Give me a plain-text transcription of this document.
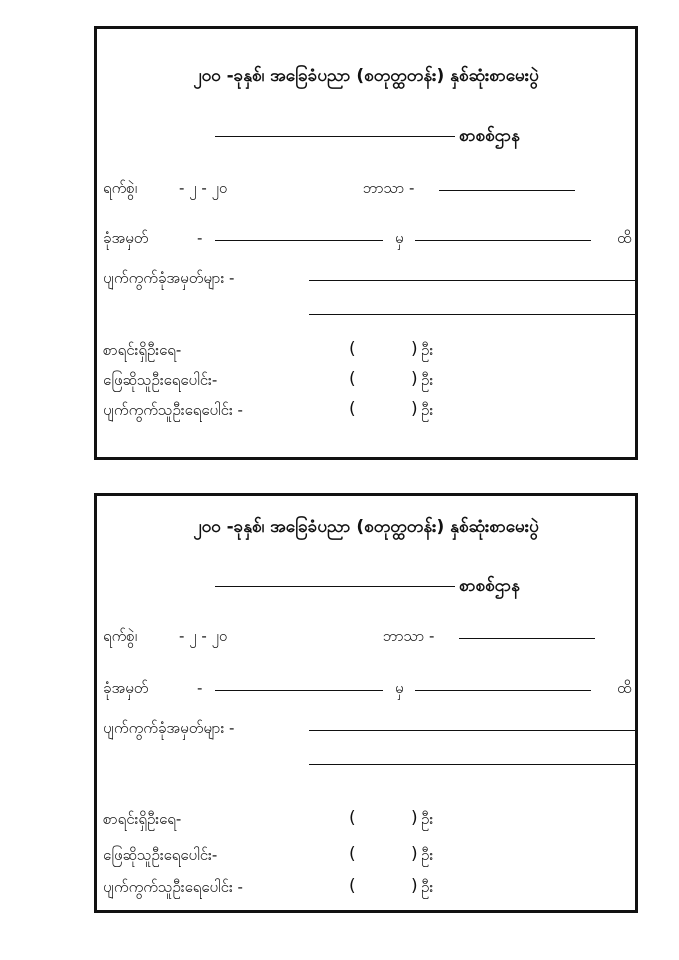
၂၀၀ -ခုနှစ်၊ အခြေခံပညာ (စတုတ္ထတန်း) နှစ်ဆုံးစာမေးပွဲ
စာစစ်ဌာန
ရက်စွဲ၊	- ၂ - ၂၀	ဘာသာ -
ခုံအမှတ်	-	မှ	ထိ
ပျက်ကွက်ခုံအမှတ်များ -
စာရင်းရှိဦးရေ-	(	) ဦး
ဖြေဆိုသူဦးရေပေါင်း-	(	) ဦး
ပျက်ကွက်သူဦးရေပေါင်း -	(	) ဦး
၂၀၀ -ခုနှစ်၊ အခြေခံပညာ (စတုတ္ထတန်း) နှစ်ဆုံးစာမေးပွဲ
စာစစ်ဌာန
ရက်စွဲ၊	- ၂ - ၂၀	ဘာသာ -
ခုံအမှတ်	-	မှ	ထိ
ပျက်ကွက်ခုံအမှတ်များ -
စာရင်းရှိဦးရေ-	(	) ဦး
ဖြေဆိုသူဦးရေပေါင်း-	(	) ဦး
ပျက်ကွက်သူဦးရေပေါင်း -	(	) ဦး
